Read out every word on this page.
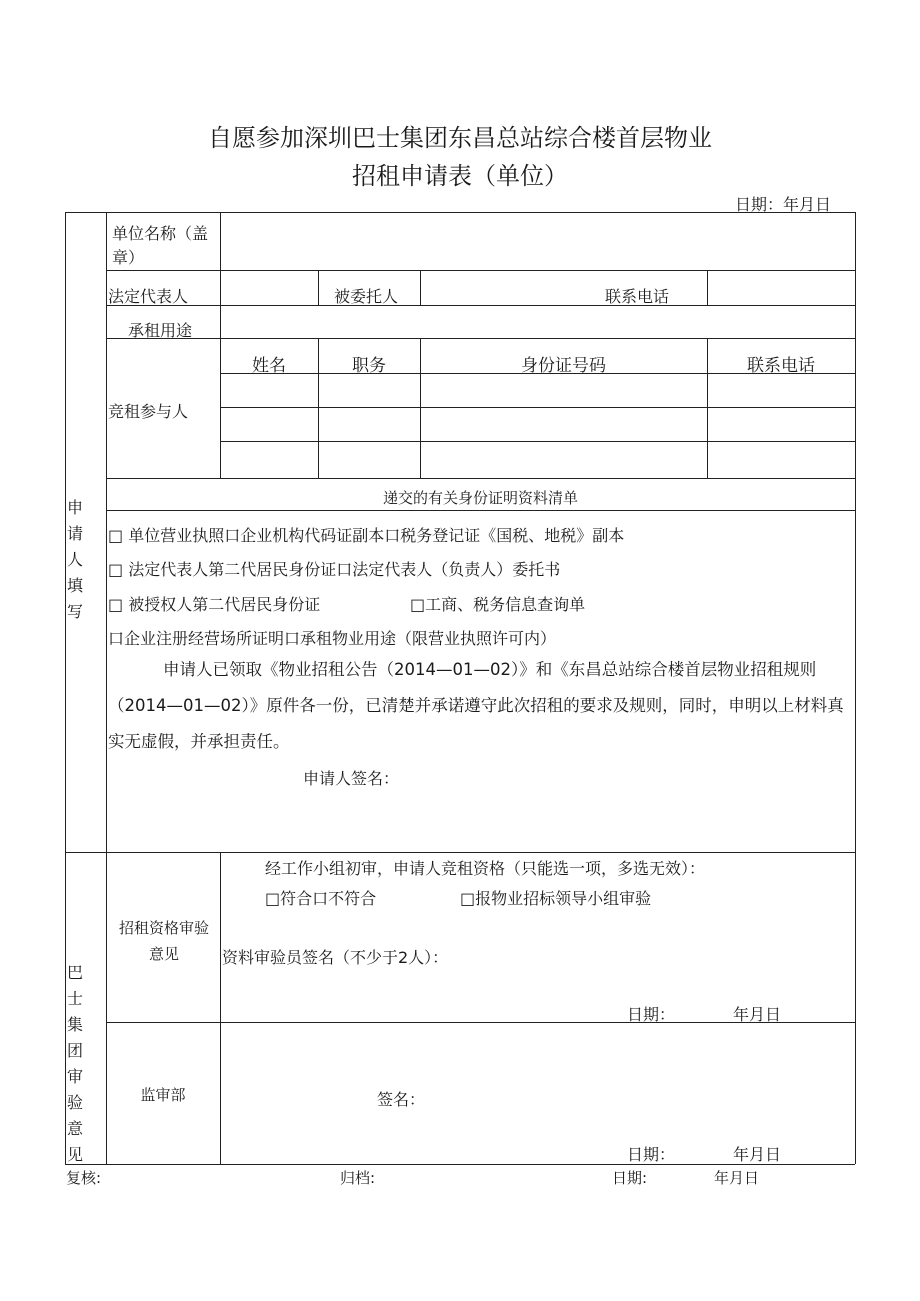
自愿参加深圳巴士集团东昌总站综合楼首层物业
招租申请表（单位）
日期：年月日
申请人填写
巴士集团审验意见
单位名称（盖章）
法定代表人	被委托人	联系电话
承租用途
竞租参与人
姓名	职务	身份证号码	联系电话
递交的有关身份证明资料清单
□ 单位营业执照口企业机构代码证副本口税务登记证《国税、地税》副本
□ 法定代表人第二代居民身份证口法定代表人（负责人）委托书
□ 被授权人第二代居民身份证	□工商、税务信息查询单
口企业注册经营场所证明口承租物业用途（限营业执照许可内）
申请人已领取《物业招租公告（2014—01—02）》和《东昌总站综合楼首层物业招租规则（2014—01—02）》原件各一份，已清楚并承诺遵守此次招租的要求及规则，同时，申明以上材料真实无虚假，并承担责任。
申请人签名：
招租资格审验意见
经工作小组初审，申请人竞租资格（只能选一项，多选无效）：
□符合口不符合	□报物业招标领导小组审验
资料审验员签名（不少于2人）：
日期：	年月日
监审部	签名：
日期：	年月日
复核:	归档:	日期:	年月日
